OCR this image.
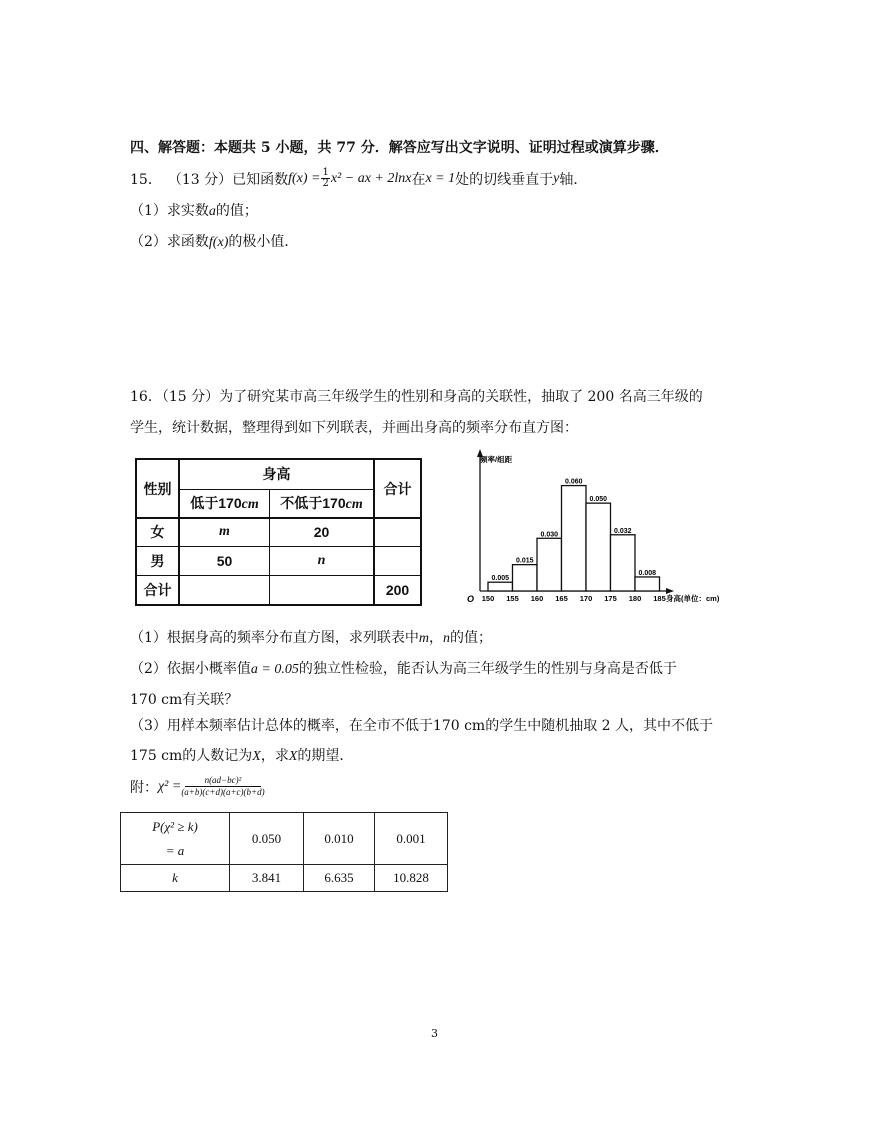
四、解答题：本题共 5 小题，共 77 分．解答应写出文字说明、证明过程或演算步骤．
15． （13 分） 已知函数 $f(x) = \frac{1}{2} x^2$ − ax + 2lnx 在 x = 1 处的切线垂直于 y 轴．
（1）求实数a的值；
（2）求函数f(x)的极小值．
16．（15 分）为了研究某市高三年级学生的性别和身高的关联性，抽取了 200 名高三年级的
学生，统计数据，整理得到如下列联表，并画出身高的频率分布直方图：
性别	身高		合计
	低于170cm	不低于170cm	
女	m	20	
男	50	n	
合计			200
频率/组距
身高(单位：cm)
O
0.005
0.015
0.030
0.060
0.050
0.032
0.008
150 155 160 165 170 175 180 185
（1）根据身高的频率分布直方图，求列联表中m，n的值；
（2）依据小概率值a = 0.05的独立性检验，能否认为高三年级学生的性别与身高是否低于
170 cm有关联？
（3）用样本频率估计总体的概率，在全市不低于170 cm的学生中随机抽取 2 人，其中不低于
175 cm的人数记为X，求X的期望．
附： $\chi^2 = \frac{\text{n(ad−bc)²}}{(a+b)(c+d)(a+c)(b+d)}$
P(χ² ≥ k)
= a	0.050	0.010	0.001
k	3.841	6.635	10.828
3
